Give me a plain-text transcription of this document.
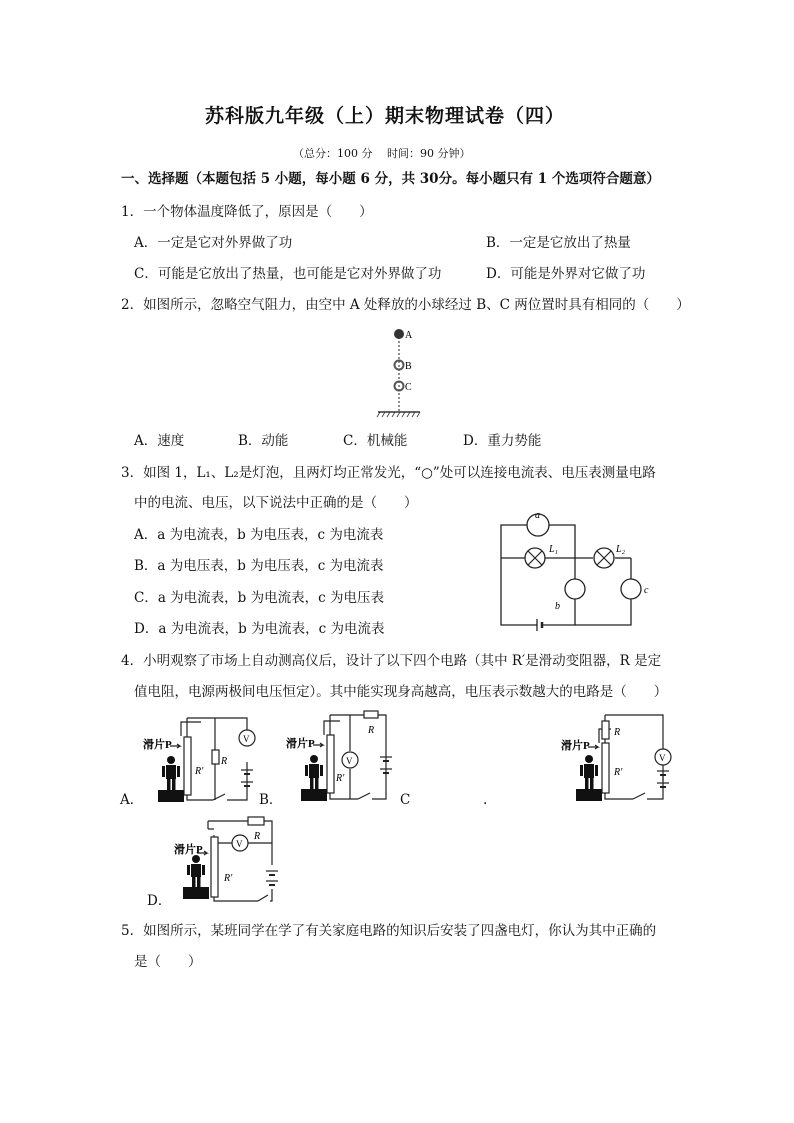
苏科版九年级（上）期末物理试卷（四）
（总分：100 分　 时间：90 分钟）
一、选择题（本题包括 5 小题，每小题 6 分，共 30分。每小题只有 1 个选项符合题意）
1．一个物体温度降低了，原因是（　　）
A．一定是它对外界做了功	B．一定是它放出了热量
C．可能是它放出了热量，也可能是它对外界做了功	D．可能是外界对它做了功
2．如图所示，忽略空气阻力，由空中 A 处释放的小球经过 B、C 两位置时具有相同的（　　）
A
B
C
A．速度	B．动能	C．机械能	D．重力势能
3．如图 1，L₁、L₂是灯泡，且两灯均正常发光，“○”处可以连接电流表、电压表测量电路
中的电流、电压，以下说法中正确的是（　　）
A．a 为电流表，b 为电压表，c 为电流表
B．a 为电压表，b 为电压表，c 为电流表
C．a 为电流表，b 为电流表，c 为电压表
D．a 为电流表，b 为电流表，c 为电流表
a
L₁	L₂
b
c
4．小明观察了市场上自动测高仪后，设计了以下四个电路（其中 R′是滑动变阻器，R 是定
值电阻，电源两极间电压恒定）。其中能实现身高越高，电压表示数越大的电路是（　　）
V
滑片P
R′
R
A．
V
滑片P
R′
R
B．	C	.
V
滑片P
R
R′
V
滑片P
R′
R
D．
5．如图所示，某班同学在学了有关家庭电路的知识后安装了四盏电灯，你认为其中正确的
是（　　）
